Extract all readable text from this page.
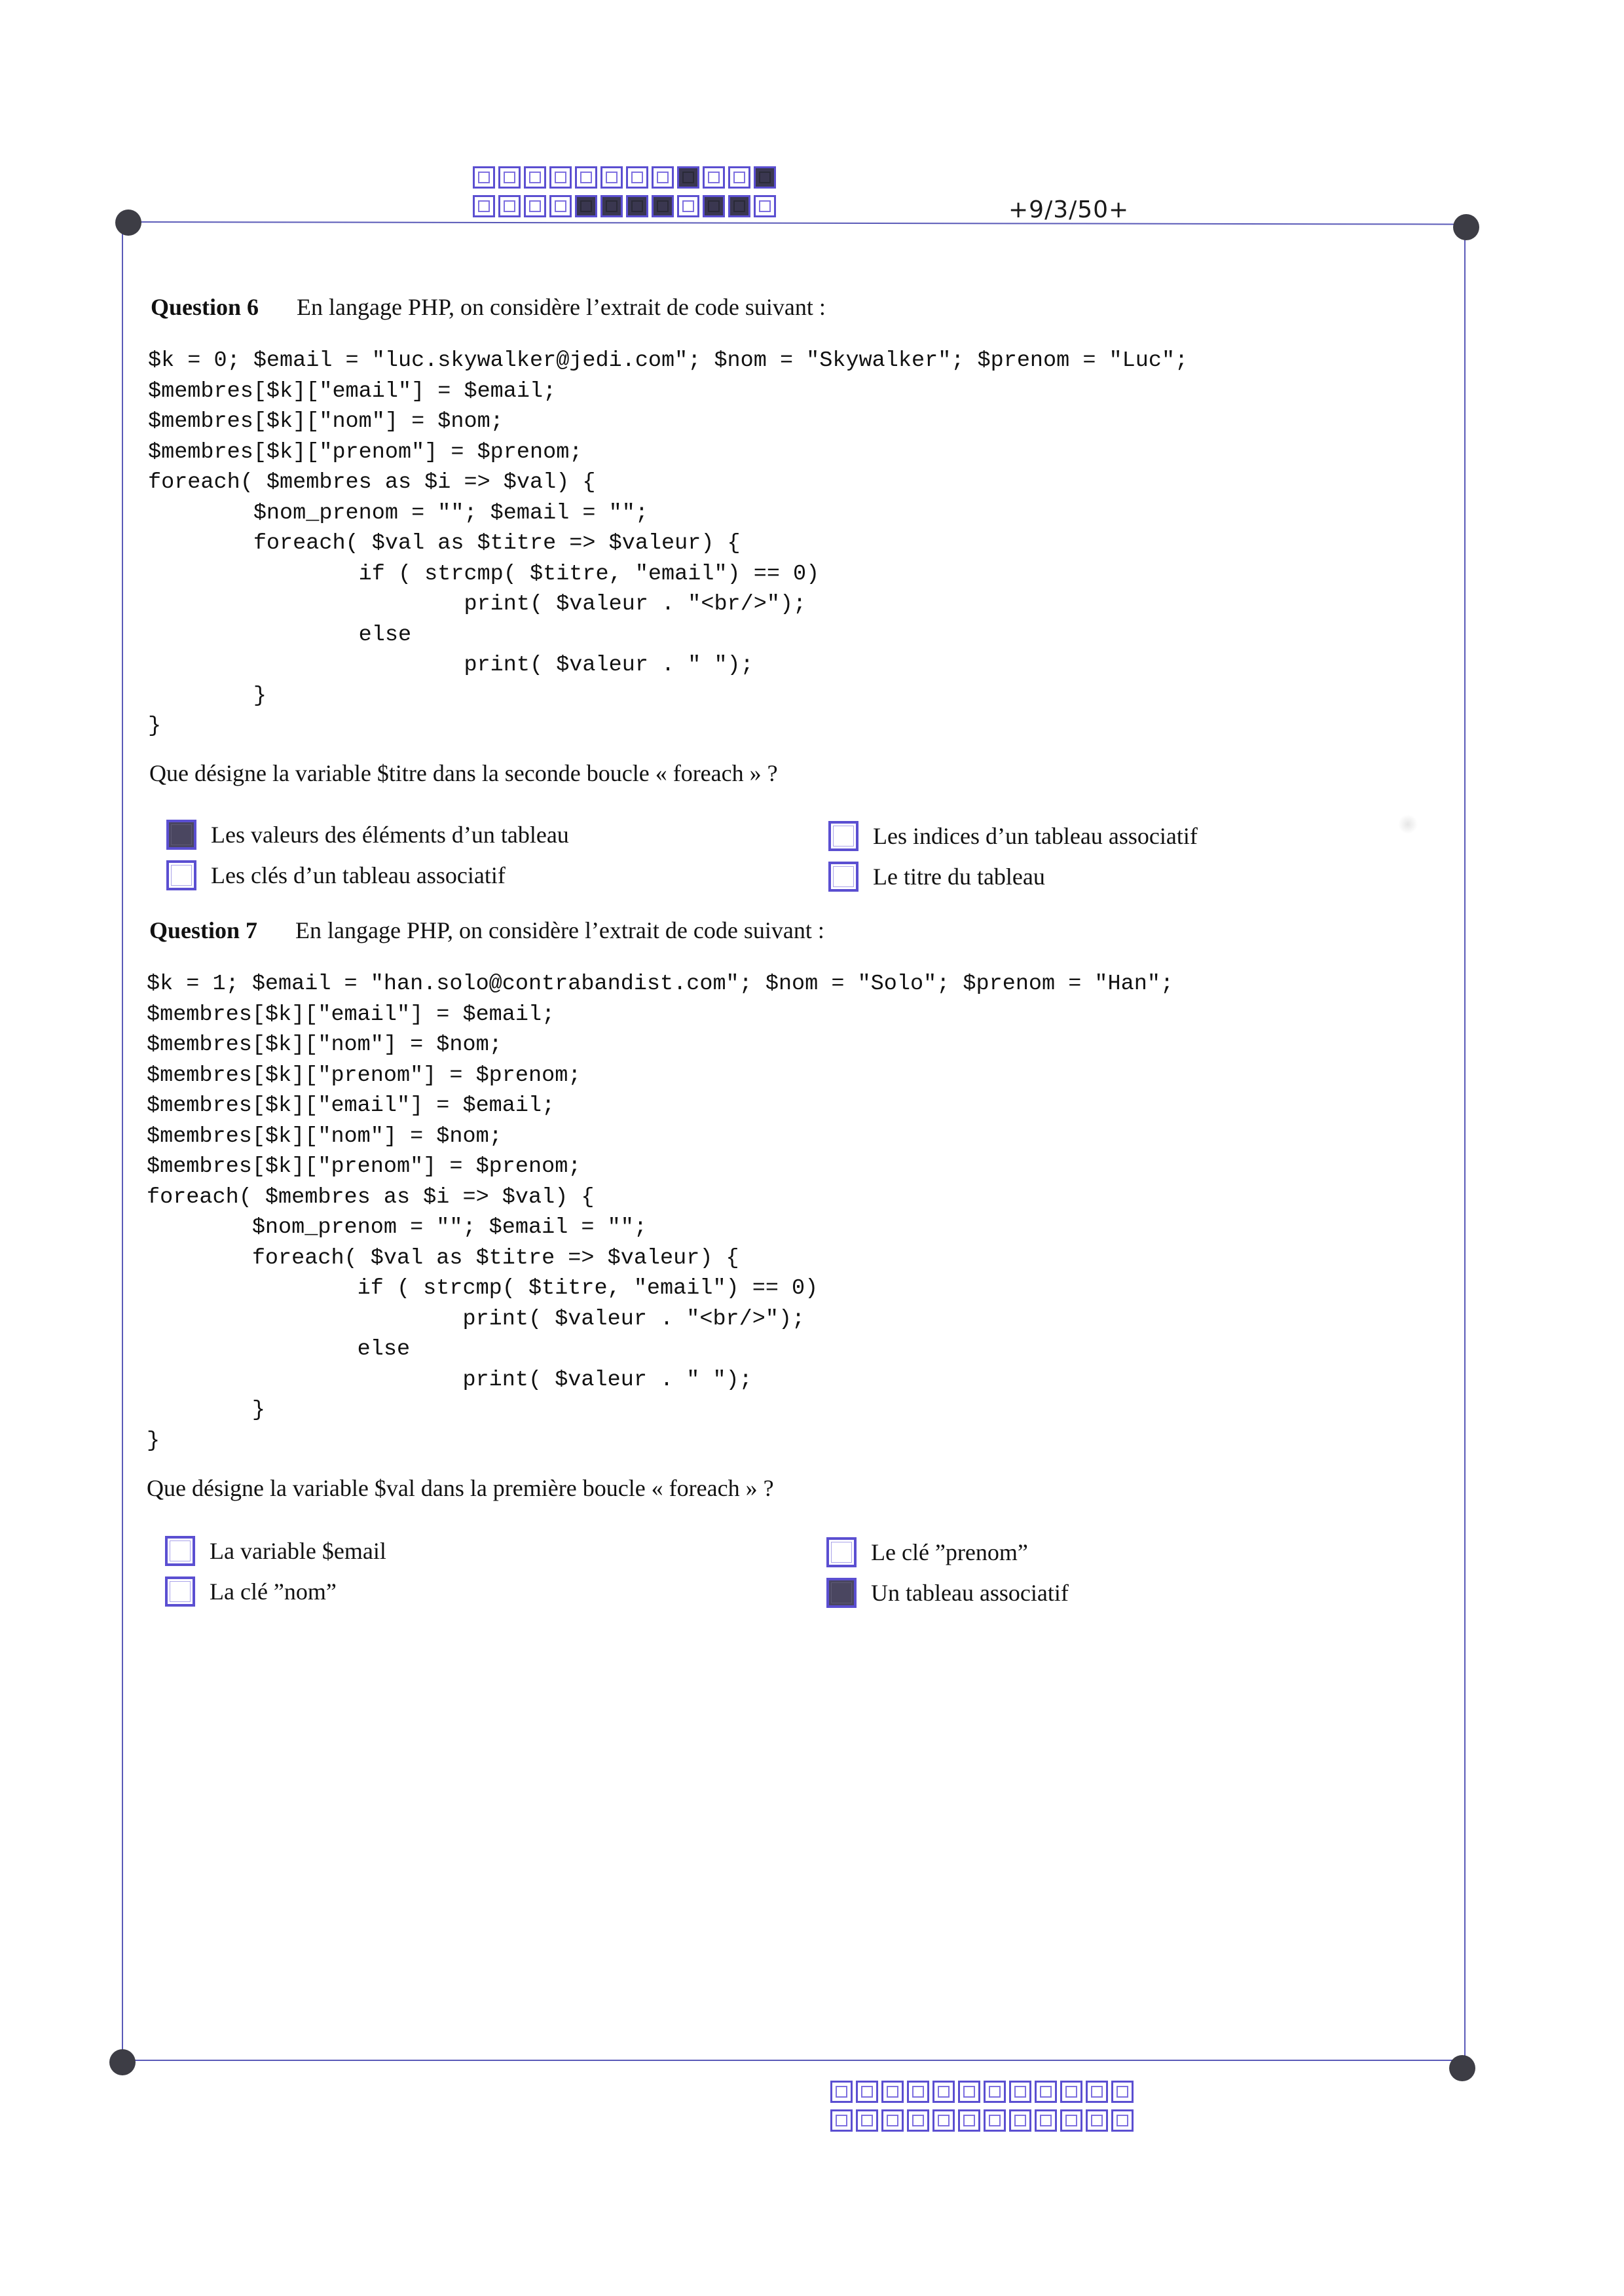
+9/3/50+
Question 6 En langage PHP, on considère l’extrait de code suivant :
$k = 0; $email = "luc.skywalker@jedi.com"; $nom = "Skywalker"; $prenom = "Luc";
$membres[$k]["email"] = $email;
$membres[$k]["nom"] = $nom;
$membres[$k]["prenom"] = $prenom;
foreach( $membres as $i => $val) {
$nom_prenom = ""; $email = "";
foreach( $val as $titre => $valeur) {
if ( strcmp( $titre, "email") == 0)
print( $valeur . "<br/>");
else
print( $valeur . " ");
}
}
Que désigne la variable $titre dans la seconde boucle « foreach » ?
Les valeurs des éléments d’un tableau	Les indices d’un tableau associatif
Les clés d’un tableau associatif	Le titre du tableau
Question 7 En langage PHP, on considère l’extrait de code suivant :
$k = 1; $email = "han.solo@contrabandist.com"; $nom = "Solo"; $prenom = "Han";
$membres[$k]["email"] = $email;
$membres[$k]["nom"] = $nom;
$membres[$k]["prenom"] = $prenom;
$membres[$k]["email"] = $email;
$membres[$k]["nom"] = $nom;
$membres[$k]["prenom"] = $prenom;
foreach( $membres as $i => $val) {
$nom_prenom = ""; $email = "";
foreach( $val as $titre => $valeur) {
if ( strcmp( $titre, "email") == 0)
print( $valeur . "<br/>");
else
print( $valeur . " ");
}
}
Que désigne la variable $val dans la première boucle « foreach » ?
La variable $email	Le clé ”prenom”
La clé ”nom”	Un tableau associatif
